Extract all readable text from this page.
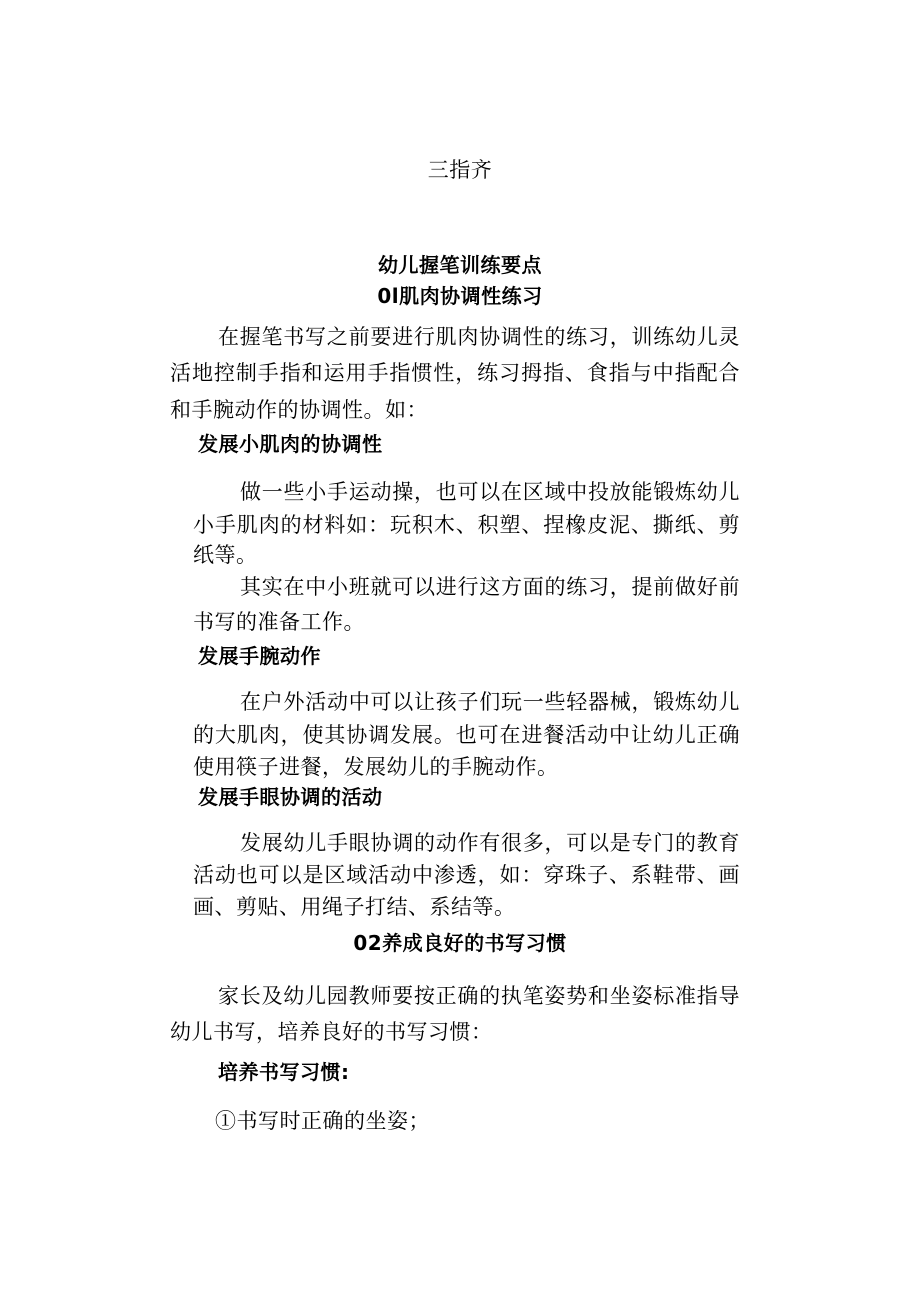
三指齐
幼儿握笔训练要点
0l肌肉协调性练习
在握笔书写之前要进行肌肉协调性的练习，训练幼儿灵
活地控制手指和运用手指惯性，练习拇指、食指与中指配合
和手腕动作的协调性。如：
发展小肌肉的协调性
做一些小手运动操，也可以在区域中投放能锻炼幼儿
小手肌肉的材料如：玩积木、积塑、捏橡皮泥、撕纸、剪
纸等。
其实在中小班就可以进行这方面的练习，提前做好前
书写的准备工作。
发展手腕动作
在户外活动中可以让孩子们玩一些轻器械，锻炼幼儿
的大肌肉，使其协调发展。也可在进餐活动中让幼儿正确
使用筷子进餐，发展幼儿的手腕动作。
发展手眼协调的活动
发展幼儿手眼协调的动作有很多，可以是专门的教育
活动也可以是区域活动中渗透，如：穿珠子、系鞋带、画
画、剪贴、用绳子打结、系结等。
02养成良好的书写习惯
家长及幼儿园教师要按正确的执笔姿势和坐姿标准指导
幼儿书写，培养良好的书写习惯：
培养书写习惯:
①书写时正确的坐姿；
